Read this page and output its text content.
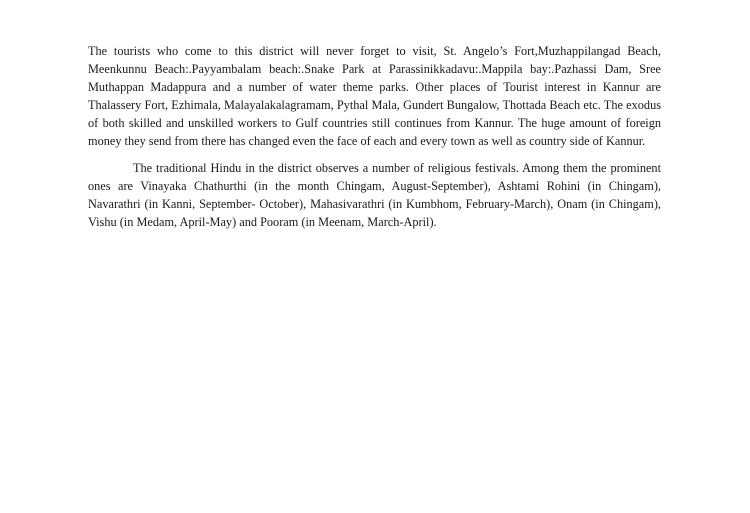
The tourists who come to this district will never forget to visit, St. Angelo’s Fort,Muzhappilangad Beach, Meenkunnu Beach:.Payyambalam beach:.Snake Park at Parassinikkadavu:.Mappila bay:.Pazhassi Dam, Sree Muthappan Madappura and a number of water theme parks. Other places of Tourist interest in Kannur are Thalassery Fort, Ezhimala, Malayalakalagramam, Pythal Mala, Gundert Bungalow, Thottada Beach etc. The exodus of both skilled and unskilled workers to Gulf countries still continues from Kannur. The huge amount of foreign money they send from there has changed even the face of each and every town as well as country side of Kannur.

The traditional Hindu in the district observes a number of religious festivals. Among them the prominent ones are Vinayaka Chathurthi (in the month Chingam, August-September), Ashtami Rohini (in Chingam), Navarathri (in Kanni, September- October), Mahasivarathri (in Kumbhom, February-March), Onam (in Chingam), Vishu (in Medam, April-May) and Pooram (in Meenam, March-April).
